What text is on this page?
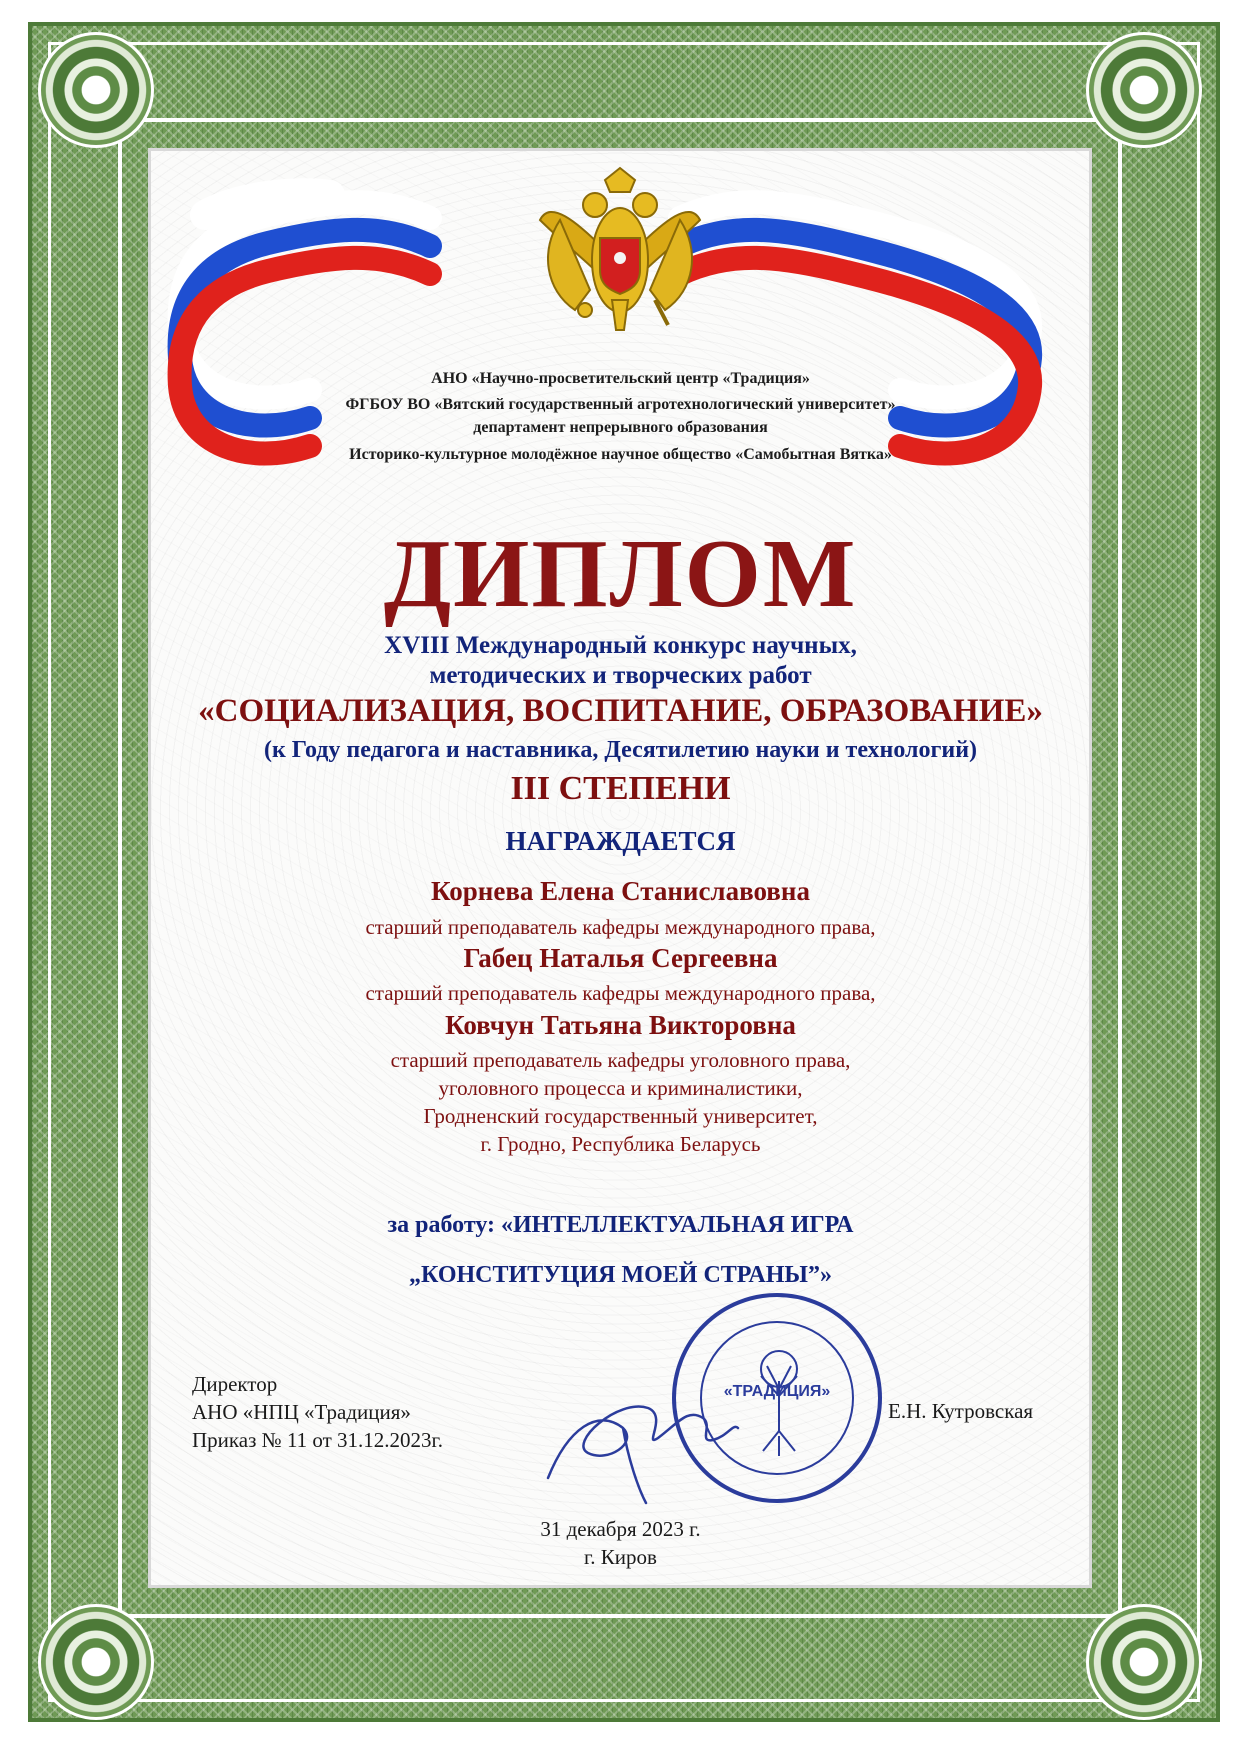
АНО «Научно-просветительский центр «Традиция»

ФГБОУ ВО «Вятский государственный агротехнологический университет»

департамент непрерывного образования

Историко-культурное молодёжное научное общество «Самобытная Вятка»

ДИПЛОМ

XVIII Международный конкурс научных,

методических и творческих работ

«СОЦИАЛИЗАЦИЯ, ВОСПИТАНИЕ, ОБРАЗОВАНИЕ»

(к Году педагога и наставника, Десятилетию науки и технологий)

III СТЕПЕНИ

НАГРАЖДАЕТСЯ

Корнева Елена Станиславовна

старший преподаватель кафедры международного права,

Габец Наталья Сергеевна

старший преподаватель кафедры международного права,

Ковчун Татьяна Викторовна

старший преподаватель кафедры уголовного права,

уголовного процесса и криминалистики,

Гродненский государственный университет,

г. Гродно, Республика Беларусь

за работу: «ИНТЕЛЛЕКТУАЛЬНАЯ ИГРА

„КОНСТИТУЦИЯ МОЕЙ СТРАНЫ”»

Директор

АНО «НПЦ «Традиция»

Приказ № 11 от 31.12.2023г.

Е.Н. Кутровская

«ТРАДИЦИЯ»

31 декабря 2023 г.

г. Киров
